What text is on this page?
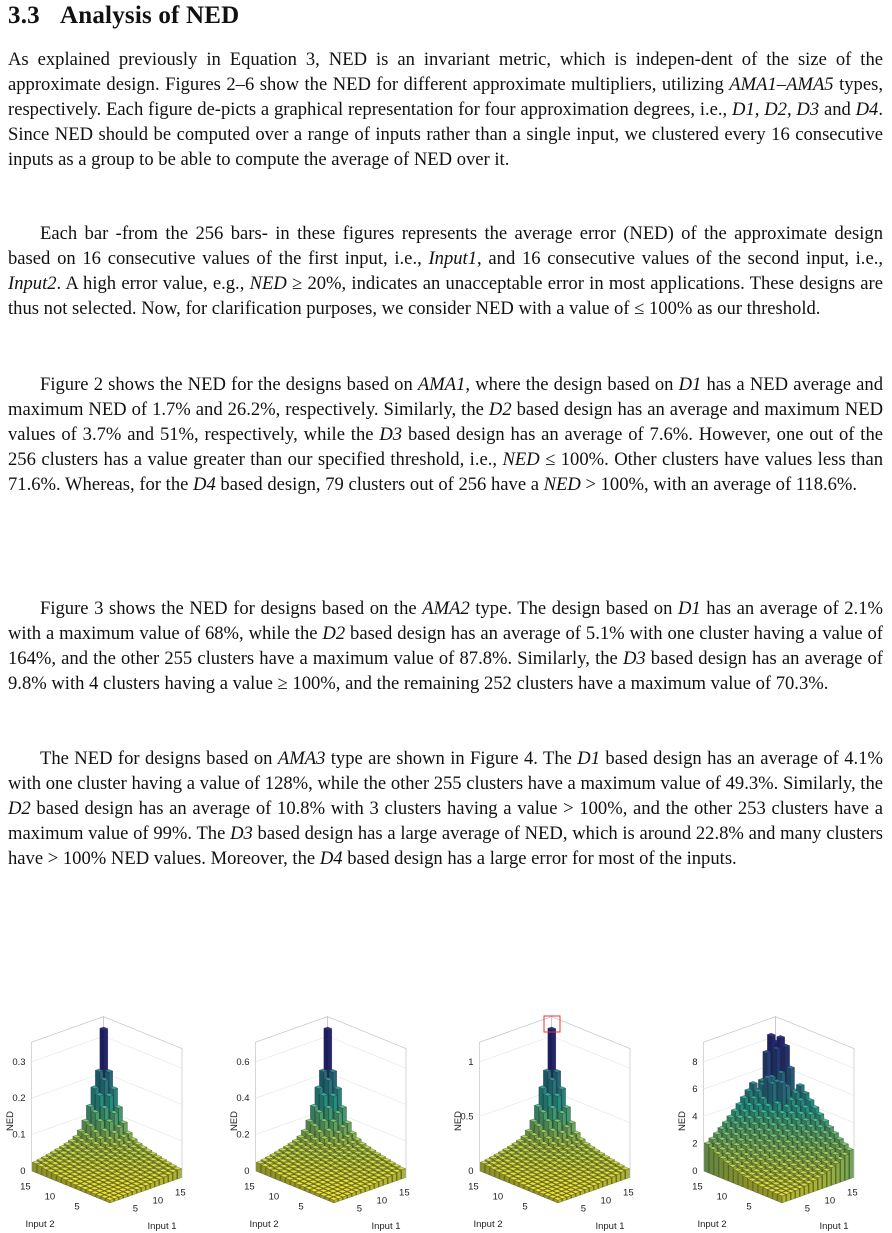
3.3 Analysis of NED

As explained previously in Equation 3, NED is an invariant metric, which is indepen-dent of the size of the approximate design. Figures 2–6 show the NED for different approximate multipliers, utilizing AMA1–AMA5 types, respectively. Each figure de-picts a graphical representation for four approximation degrees, i.e., D1, D2, D3 and D4. Since NED should be computed over a range of inputs rather than a single input, we clustered every 16 consecutive inputs as a group to be able to compute the average of NED over it.

Each bar -from the 256 bars- in these figures represents the average error (NED) of the approximate design based on 16 consecutive values of the first input, i.e., Input1, and 16 consecutive values of the second input, i.e., Input2. A high error value, e.g., NED ≥ 20%, indicates an unacceptable error in most applications. These designs are thus not selected. Now, for clarification purposes, we consider NED with a value of ≤ 100% as our threshold.

Figure 2 shows the NED for the designs based on AMA1, where the design based on D1 has a NED average and maximum NED of 1.7% and 26.2%, respectively. Similarly, the D2 based design has an average and maximum NED values of 3.7% and 51%, respectively, while the D3 based design has an average of 7.6%. However, one out of the 256 clusters has a value greater than our specified threshold, i.e., NED ≤ 100%. Other clusters have values less than 71.6%. Whereas, for the D4 based design, 79 clusters out of 256 have a NED > 100%, with an average of 118.6%.

Figure 3 shows the NED for designs based on the AMA2 type. The design based on D1 has an average of 2.1% with a maximum value of 68%, while the D2 based design has an average of 5.1% with one cluster having a value of 164%, and the other 255 clusters have a maximum value of 87.8%. Similarly, the D3 based design has an average of 9.8% with 4 clusters having a value ≥ 100%, and the remaining 252 clusters have a maximum value of 70.3%.

The NED for designs based on AMA3 type are shown in Figure 4. The D1 based design has an average of 4.1% with one cluster having a value of 128%, while the other 255 clusters have a maximum value of 49.3%. Similarly, the D2 based design has an average of 10.8% with 3 clusters having a value > 100%, and the other 253 clusters have a maximum value of 99%. The D3 based design has a large average of NED, which is around 22.8% and many clusters have > 100% NED values. Moreover, the D4 based design has a large error for most of the inputs.

0
0.1
0.2
0.3
NED
5
10
15
5
10
15
Input 1
Input 2
0
0.2
0.4
0.6
NED
5
10
15
5
10
15
Input 1
Input 2
0
0.5
1
NED
5
10
15
5
10
15
Input 1
Input 2
0
2
4
6
8
NED
5
10
15
5
10
15
Input 1
Input 2
